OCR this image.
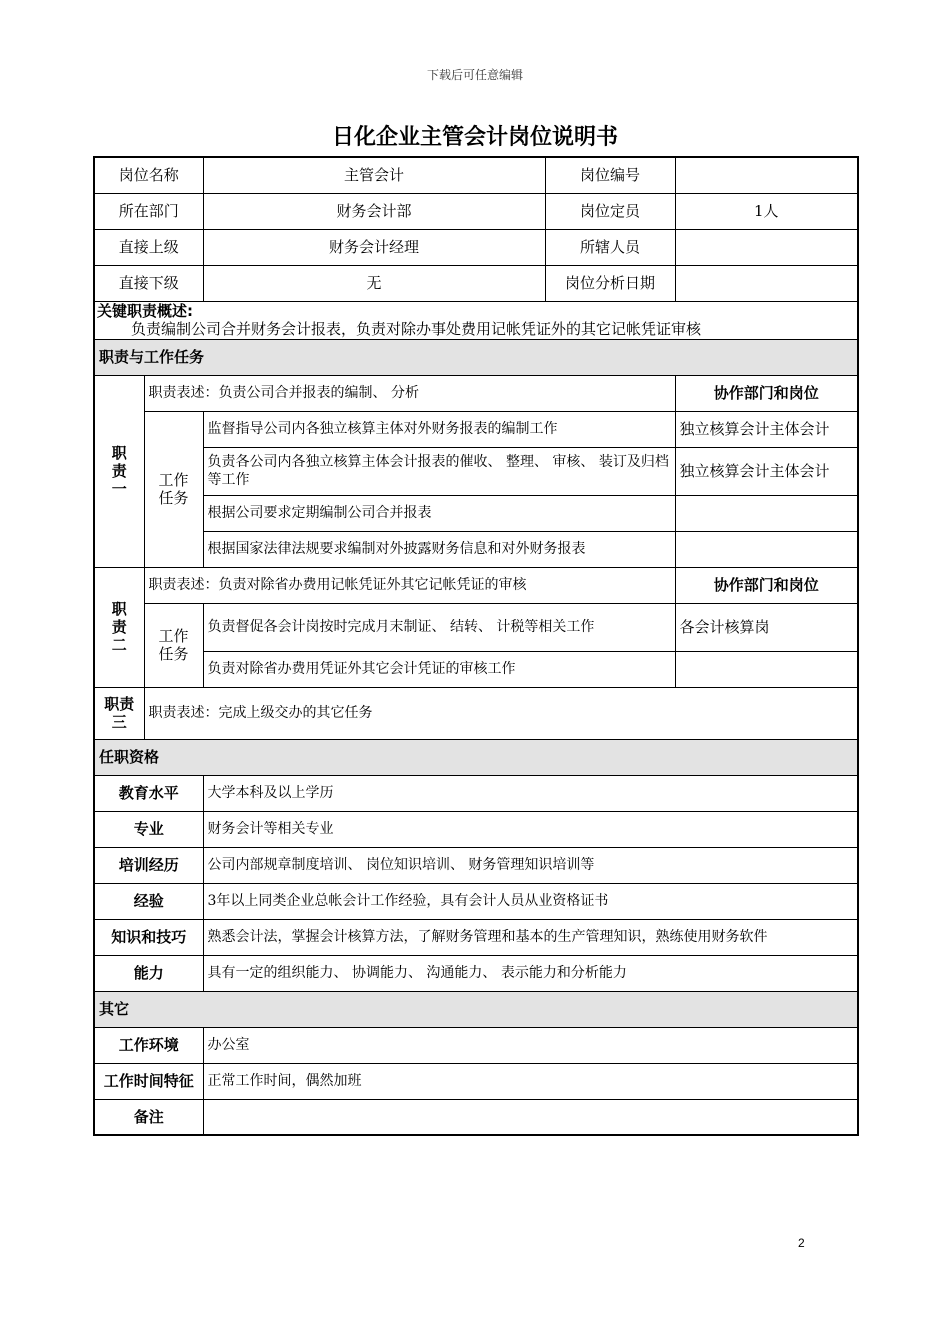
下载后可任意编辑
日化企业主管会计岗位说明书
岗位名称		主管会计	岗位编号	
所在部门		财务会计部	岗位定员	1人
直接上级		财务会计经理	所辖人员	
直接下级		无	岗位分析日期	

关键职责概述:
负责编制公司合并财务会计报表，负责对除办事处费用记帐凭证外的其它记帐凭证审核				

职责与工作任务				
职责一	职责表述：负责公司合并报表的编制、 分析			协作部门和岗位
	工作任务	监督指导公司内各独立核算主体对外财务报表的编制工作		独立核算会计主体会计
		负责各公司内各独立核算主体会计报表的催收、 整理、 审核、 装订及归档等工作		独立核算会计主体会计
		根据公司要求定期编制公司合并报表		
		根据国家法律法规要求编制对外披露财务信息和对外财务报表		
职责二	职责表述：负责对除省办费用记帐凭证外其它记帐凭证的审核			协作部门和岗位
	工作任务	负责督促各会计岗按时完成月末制证、 结转、 计税等相关工作		各会计核算岗
		负责对除省办费用凭证外其它会计凭证的审核工作		
职责三	职责表述：完成上级交办的其它任务			
任职资格				
教育水平		大学本科及以上学历		
专业		财务会计等相关专业		
培训经历		公司内部规章制度培训、 岗位知识培训、 财务管理知识培训等		
经验		3年以上同类企业总帐会计工作经验，具有会计人员从业资格证书		
知识和技巧		熟悉会计法，掌握会计核算方法，了解财务管理和基本的生产管理知识，熟练使用财务软件		
能力		具有一定的组织能力、 协调能力、 沟通能力、 表示能力和分析能力		
其它				
工作环境		办公室		
工作时间特征		正常工作时间，偶然加班		
备注				
2
